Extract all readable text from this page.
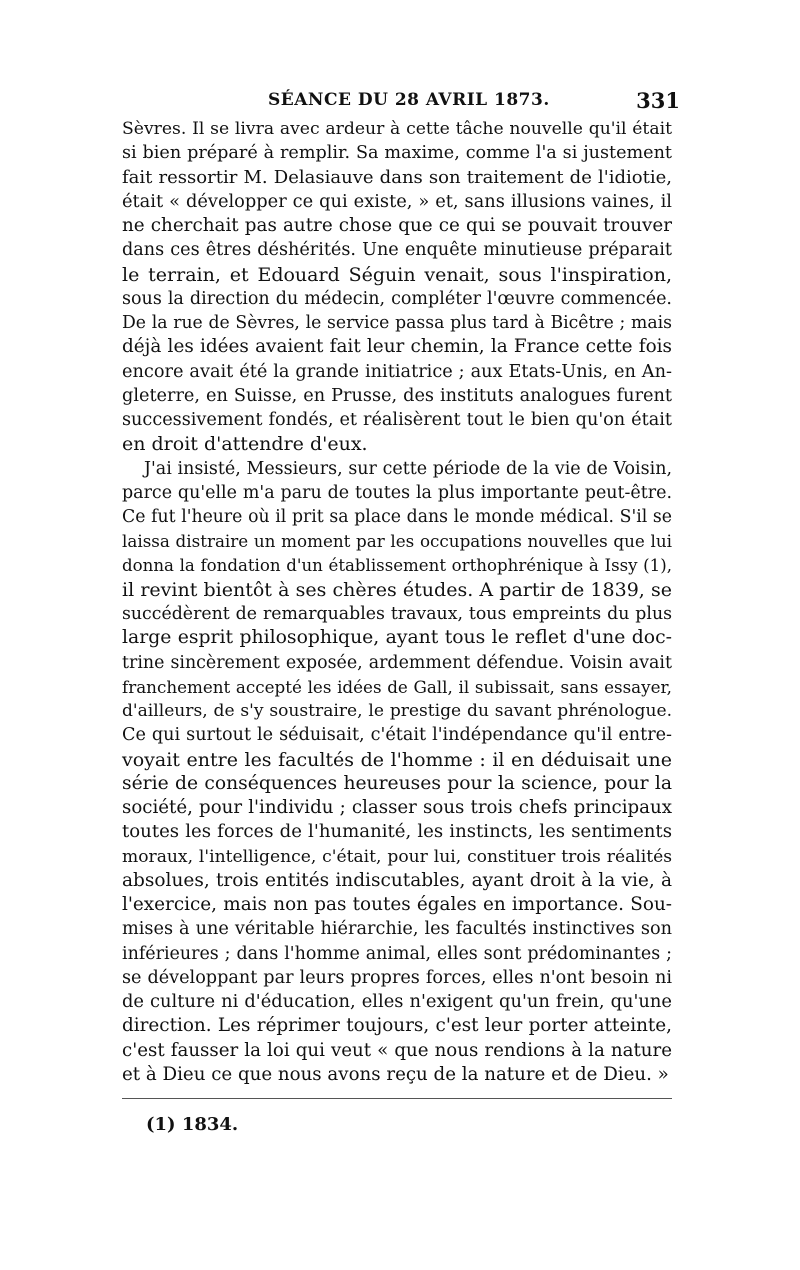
SÉANCE DU 28 AVRIL 1873.	331
Sèvres. Il se livra avec ardeur à cette tâche nouvelle qu'il était
si bien préparé à remplir. Sa maxime, comme l'a si justement
fait ressortir M. Delasiauve dans son traitement de l'idiotie,
était « développer ce qui existe, » et, sans illusions vaines, il
ne cherchait pas autre chose que ce qui se pouvait trouver
dans ces êtres déshérités. Une enquête minutieuse préparait
le terrain, et Edouard Séguin venait, sous l'inspiration,
sous la direction du médecin, compléter l'œuvre commencée.
De la rue de Sèvres, le service passa plus tard à Bicêtre ; mais
déjà les idées avaient fait leur chemin, la France cette fois
encore avait été la grande initiatrice ; aux Etats-Unis, en An-
gleterre, en Suisse, en Prusse, des instituts analogues furent
successivement fondés, et réalisèrent tout le bien qu'on était
en droit d'attendre d'eux.
J'ai insisté, Messieurs, sur cette période de la vie de Voisin,
parce qu'elle m'a paru de toutes la plus importante peut-être.
Ce fut l'heure où il prit sa place dans le monde médical. S'il se
laissa distraire un moment par les occupations nouvelles que lui
donna la fondation d'un établissement orthophrénique à Issy (1),
il revint bientôt à ses chères études. A partir de 1839, se
succédèrent de remarquables travaux, tous empreints du plus
large esprit philosophique, ayant tous le reflet d'une doc-
trine sincèrement exposée, ardemment défendue. Voisin avait
franchement accepté les idées de Gall, il subissait, sans essayer,
d'ailleurs, de s'y soustraire, le prestige du savant phrénologue.
Ce qui surtout le séduisait, c'était l'indépendance qu'il entre-
voyait entre les facultés de l'homme : il en déduisait une
série de conséquences heureuses pour la science, pour la
société, pour l'individu ; classer sous trois chefs principaux
toutes les forces de l'humanité, les instincts, les sentiments
moraux, l'intelligence, c'était, pour lui, constituer trois réalités
absolues, trois entités indiscutables, ayant droit à la vie, à
l'exercice, mais non pas toutes égales en importance. Sou-
mises à une véritable hiérarchie, les facultés instinctives son
inférieures ; dans l'homme animal, elles sont prédominantes ;
se développant par leurs propres forces, elles n'ont besoin ni
de culture ni d'éducation, elles n'exigent qu'un frein, qu'une
direction. Les réprimer toujours, c'est leur porter atteinte,
c'est fausser la loi qui veut « que nous rendions à la nature
et à Dieu ce que nous avons reçu de la nature et de Dieu. »
(1) 1834.
